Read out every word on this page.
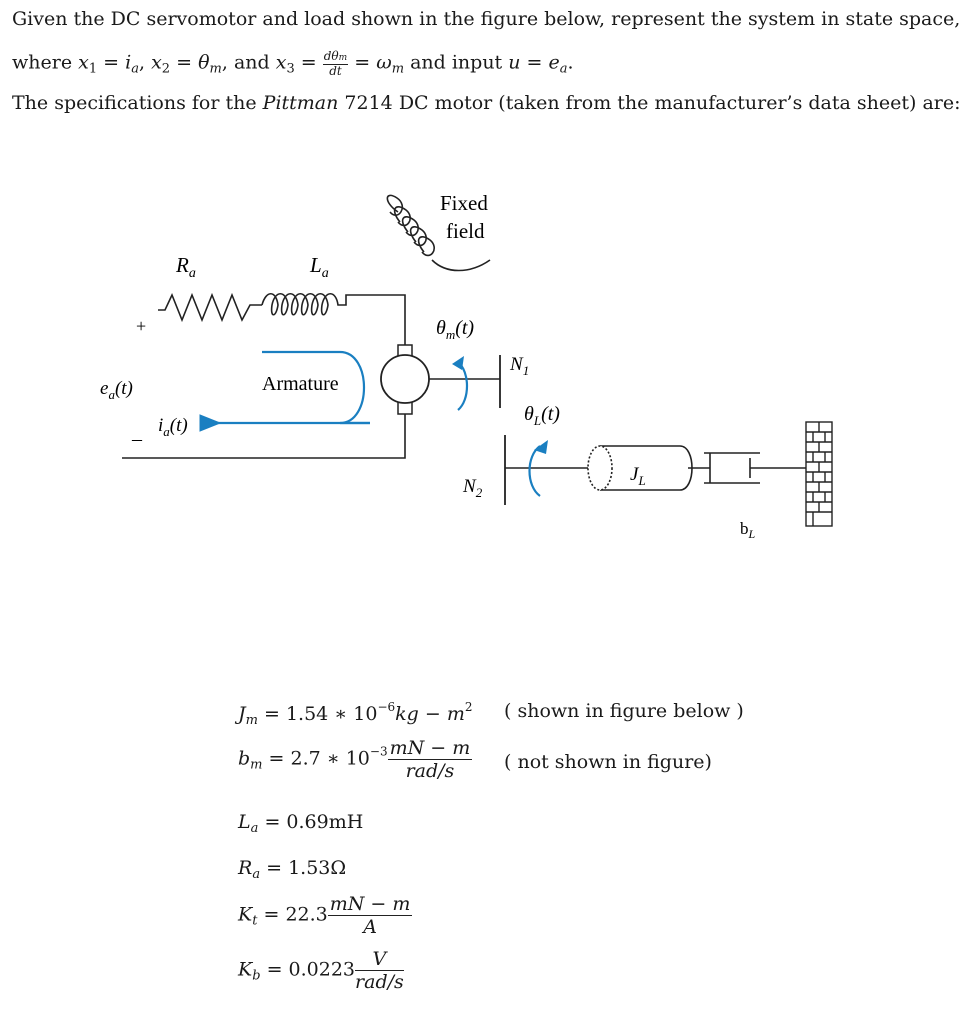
Given the DC servomotor and load shown in the figure below, represent the system in state space,
where $x_1 = i_a$, $x_2 = \theta_m$, and $x_3 = \frac{\text{dθm}}{dt} = \omega_m$ and input $u = e_a$.
The specifications for the Pittman 7214 DC motor (taken from the manufacturer’s data sheet) are:
Fixed
field
$R_a$	$L_a$
+
–
$e_a(t)$
$i_a(t)$
Armature
$N_1$
$\theta_m(t)$
$\theta_L(t)$
$N_2$
$J_L$
$b_L$
$J_m = 1.54$ ∗ $10^{-6}kg - m^2$ ( shown in figure below )
$b_m = 2.7$ ∗ $10^{-3} \frac{mN - m}{\text{rad/s}}$ ( not shown in figure)
$L_a = 0.69mH$
$R_a = 1.53\Omega$
$K_t = 22.3 \frac{mN - m}{A}$
$K_b = 0.0223 \frac{V}{\text{rad/s}}$
